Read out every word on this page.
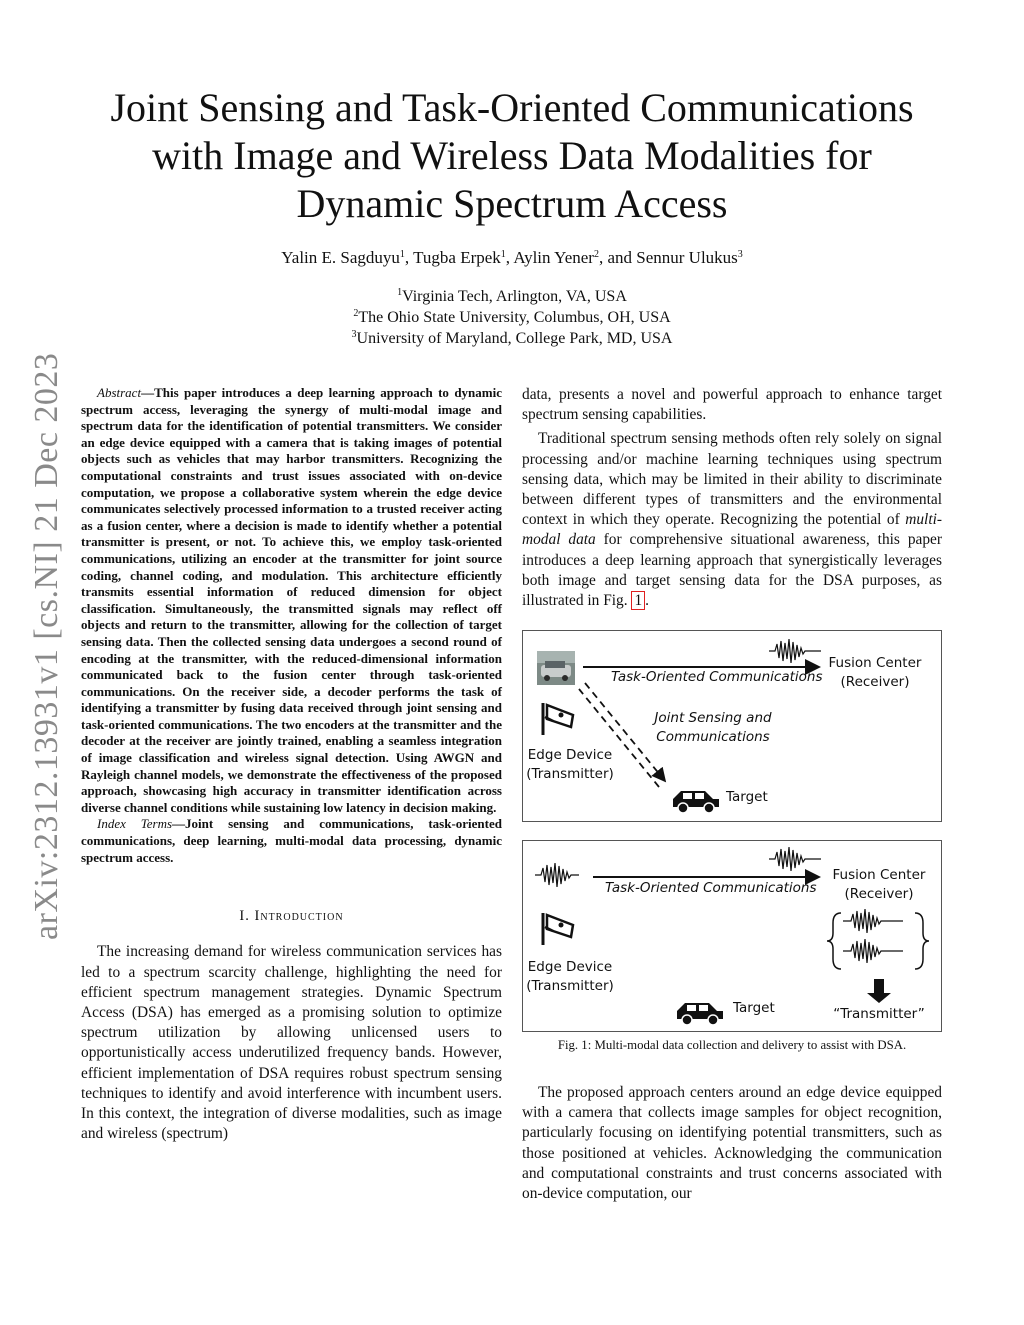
arXiv:2312.13931v1 [cs.NI] 21 Dec 2023
Joint Sensing and Task-Oriented Communications
with Image and Wireless Data Modalities for
Dynamic Spectrum Access
Yalin E. Sagduyu$^1$, Tugba Erpek$^1$, Aylin Yener$^2$, and Sennur Ulukus$^3$
$^1$Virginia Tech, Arlington, VA, USA
$^2$The Ohio State University, Columbus, OH, USA
$^3$University of Maryland, College Park, MD, USA

Abstract—This paper introduces a deep learning approach to dynamic spectrum access, leveraging the synergy of multi-modal image and spectrum data for the identification of potential transmitters. We consider an edge device equipped with a camera that is taking images of potential objects such as vehicles that may harbor transmitters. Recognizing the computational constraints and trust issues associated with on-device computation, we propose a collaborative system wherein the edge device communicates selectively processed information to a trusted receiver acting as a fusion center, where a decision is made to identify whether a potential transmitter is present, or not. To achieve this, we employ task-oriented communications, utilizing an encoder at the transmitter for joint source coding, channel coding, and modulation. This architecture efficiently transmits essential information of reduced dimension for object classification. Simultaneously, the transmitted signals may reflect off objects and return to the transmitter, allowing for the collection of target sensing data. Then the collected sensing data undergoes a second round of encoding at the transmitter, with the reduced-dimensional information communicated back to the fusion center through task-oriented communications. On the receiver side, a decoder performs the task of identifying a transmitter by fusing data received through joint sensing and task-oriented communications. The two encoders at the transmitter and the decoder at the receiver are jointly trained, enabling a seamless integration of image classification and wireless signal detection. Using AWGN and Rayleigh channel models, we demonstrate the effectiveness of the proposed approach, showcasing high accuracy in transmitter identification across diverse channel conditions while sustaining low latency in decision making.

Index Terms—Joint sensing and communications, task-oriented communications, deep learning, multi-modal data processing, dynamic spectrum access.

I. Introduction

The increasing demand for wireless communication services has led to a spectrum scarcity challenge, highlighting the need for efficient spectrum management strategies. Dynamic Spectrum Access (DSA) has emerged as a promising solution to optimize spectrum utilization by allowing unlicensed users to opportunistically access underutilized frequency bands. However, efficient implementation of DSA requires robust spectrum sensing techniques to identify and avoid interference with incumbent users. In this context, the integration of diverse modalities, such as image and wireless (spectrum)

data, presents a novel and powerful approach to enhance target spectrum sensing capabilities.

Traditional spectrum sensing methods often rely solely on signal processing and/or machine learning techniques using spectrum sensing data, which may be limited in their ability to discriminate between different types of transmitters and the environmental context in which they operate. Recognizing the potential of multi-modal data for comprehensive situational awareness, this paper introduces a deep learning approach that synergistically leverages both image and target sensing data for the DSA purposes, as illustrated in Fig. 1 .

Fusion Center
(Receiver)
Task-Oriented Communications
Joint Sensing and
Communications
Edge Device
(Transmitter)
Target
Fusion Center
(Receiver)
Task-Oriented Communications
Edge Device
(Transmitter)
Target	“Transmitter”
Fig. 1: Multi-modal data collection and delivery to assist with DSA.

The proposed approach centers around an edge device equipped with a camera that collects image samples for object recognition, particularly focusing on identifying potential transmitters, such as those positioned at vehicles. Acknowledging the communication and computational constraints and trust concerns associated with on-device computation, our
